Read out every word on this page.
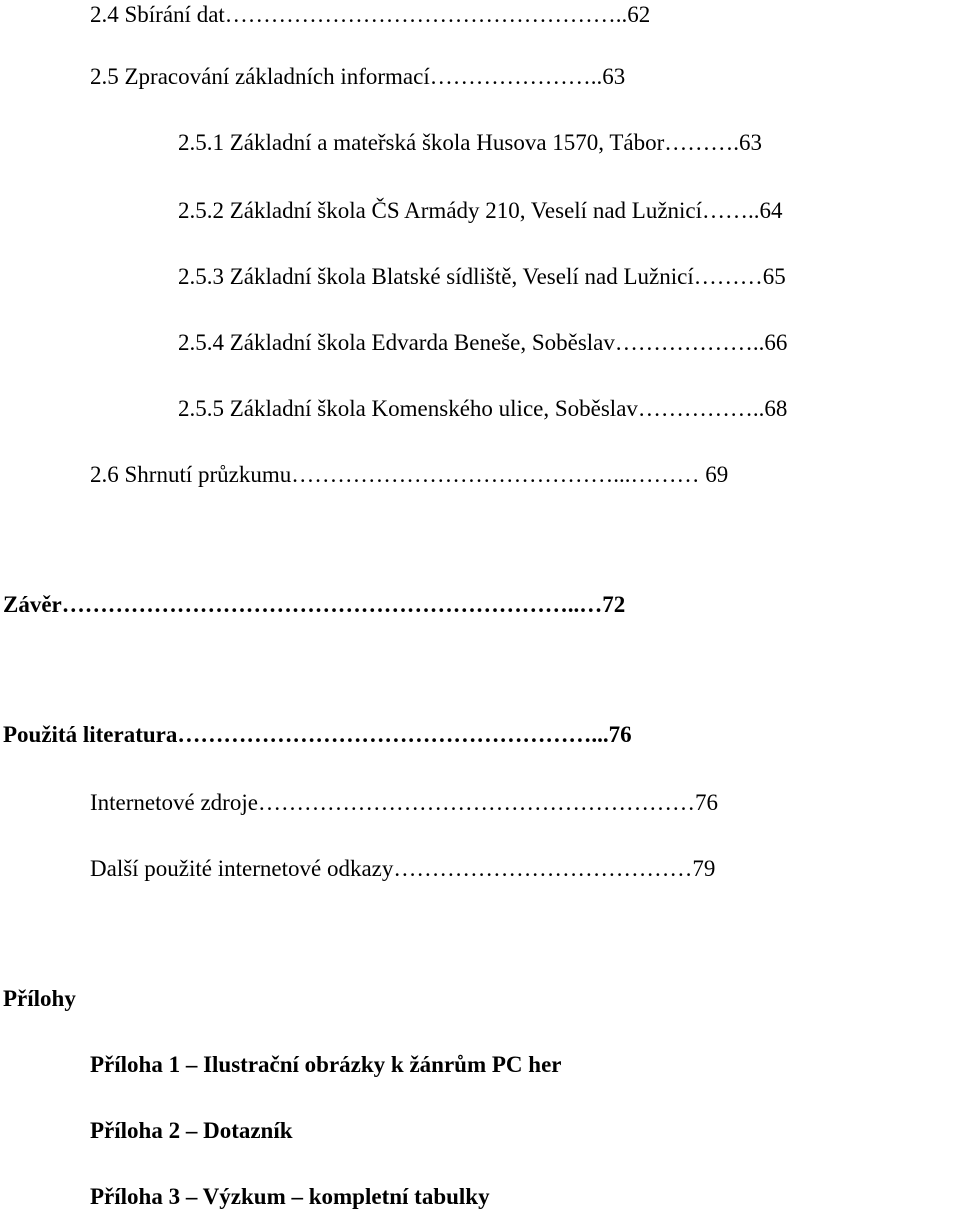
2.4 Sbírání dat……………………………………………..62
2.5 Zpracování základních informací…………………..63
2.5.1 Základní a mateřská škola Husova 1570, Tábor……….63
2.5.2 Základní škola ČS Armády 210, Veselí nad Lužnicí……..64
2.5.3 Základní škola Blatské sídliště, Veselí nad Lužnicí………65
2.5.4 Základní škola Edvarda Beneše, Soběslav………………..66
2.5.5 Základní škola Komenského ulice, Soběslav……………..68
2.6 Shrnutí průzkumu……………………………………...……… 69
Závěr…………………………………………………………..…72
Použitá literatura………………………………………………...76
Internetové zdroje…………………………………………………76
Další použité internetové odkazy…………………………………79
Přílohy
Příloha 1 – Ilustrační obrázky k žánrům PC her
Příloha 2 – Dotazník
Příloha 3 – Výzkum – kompletní tabulky
